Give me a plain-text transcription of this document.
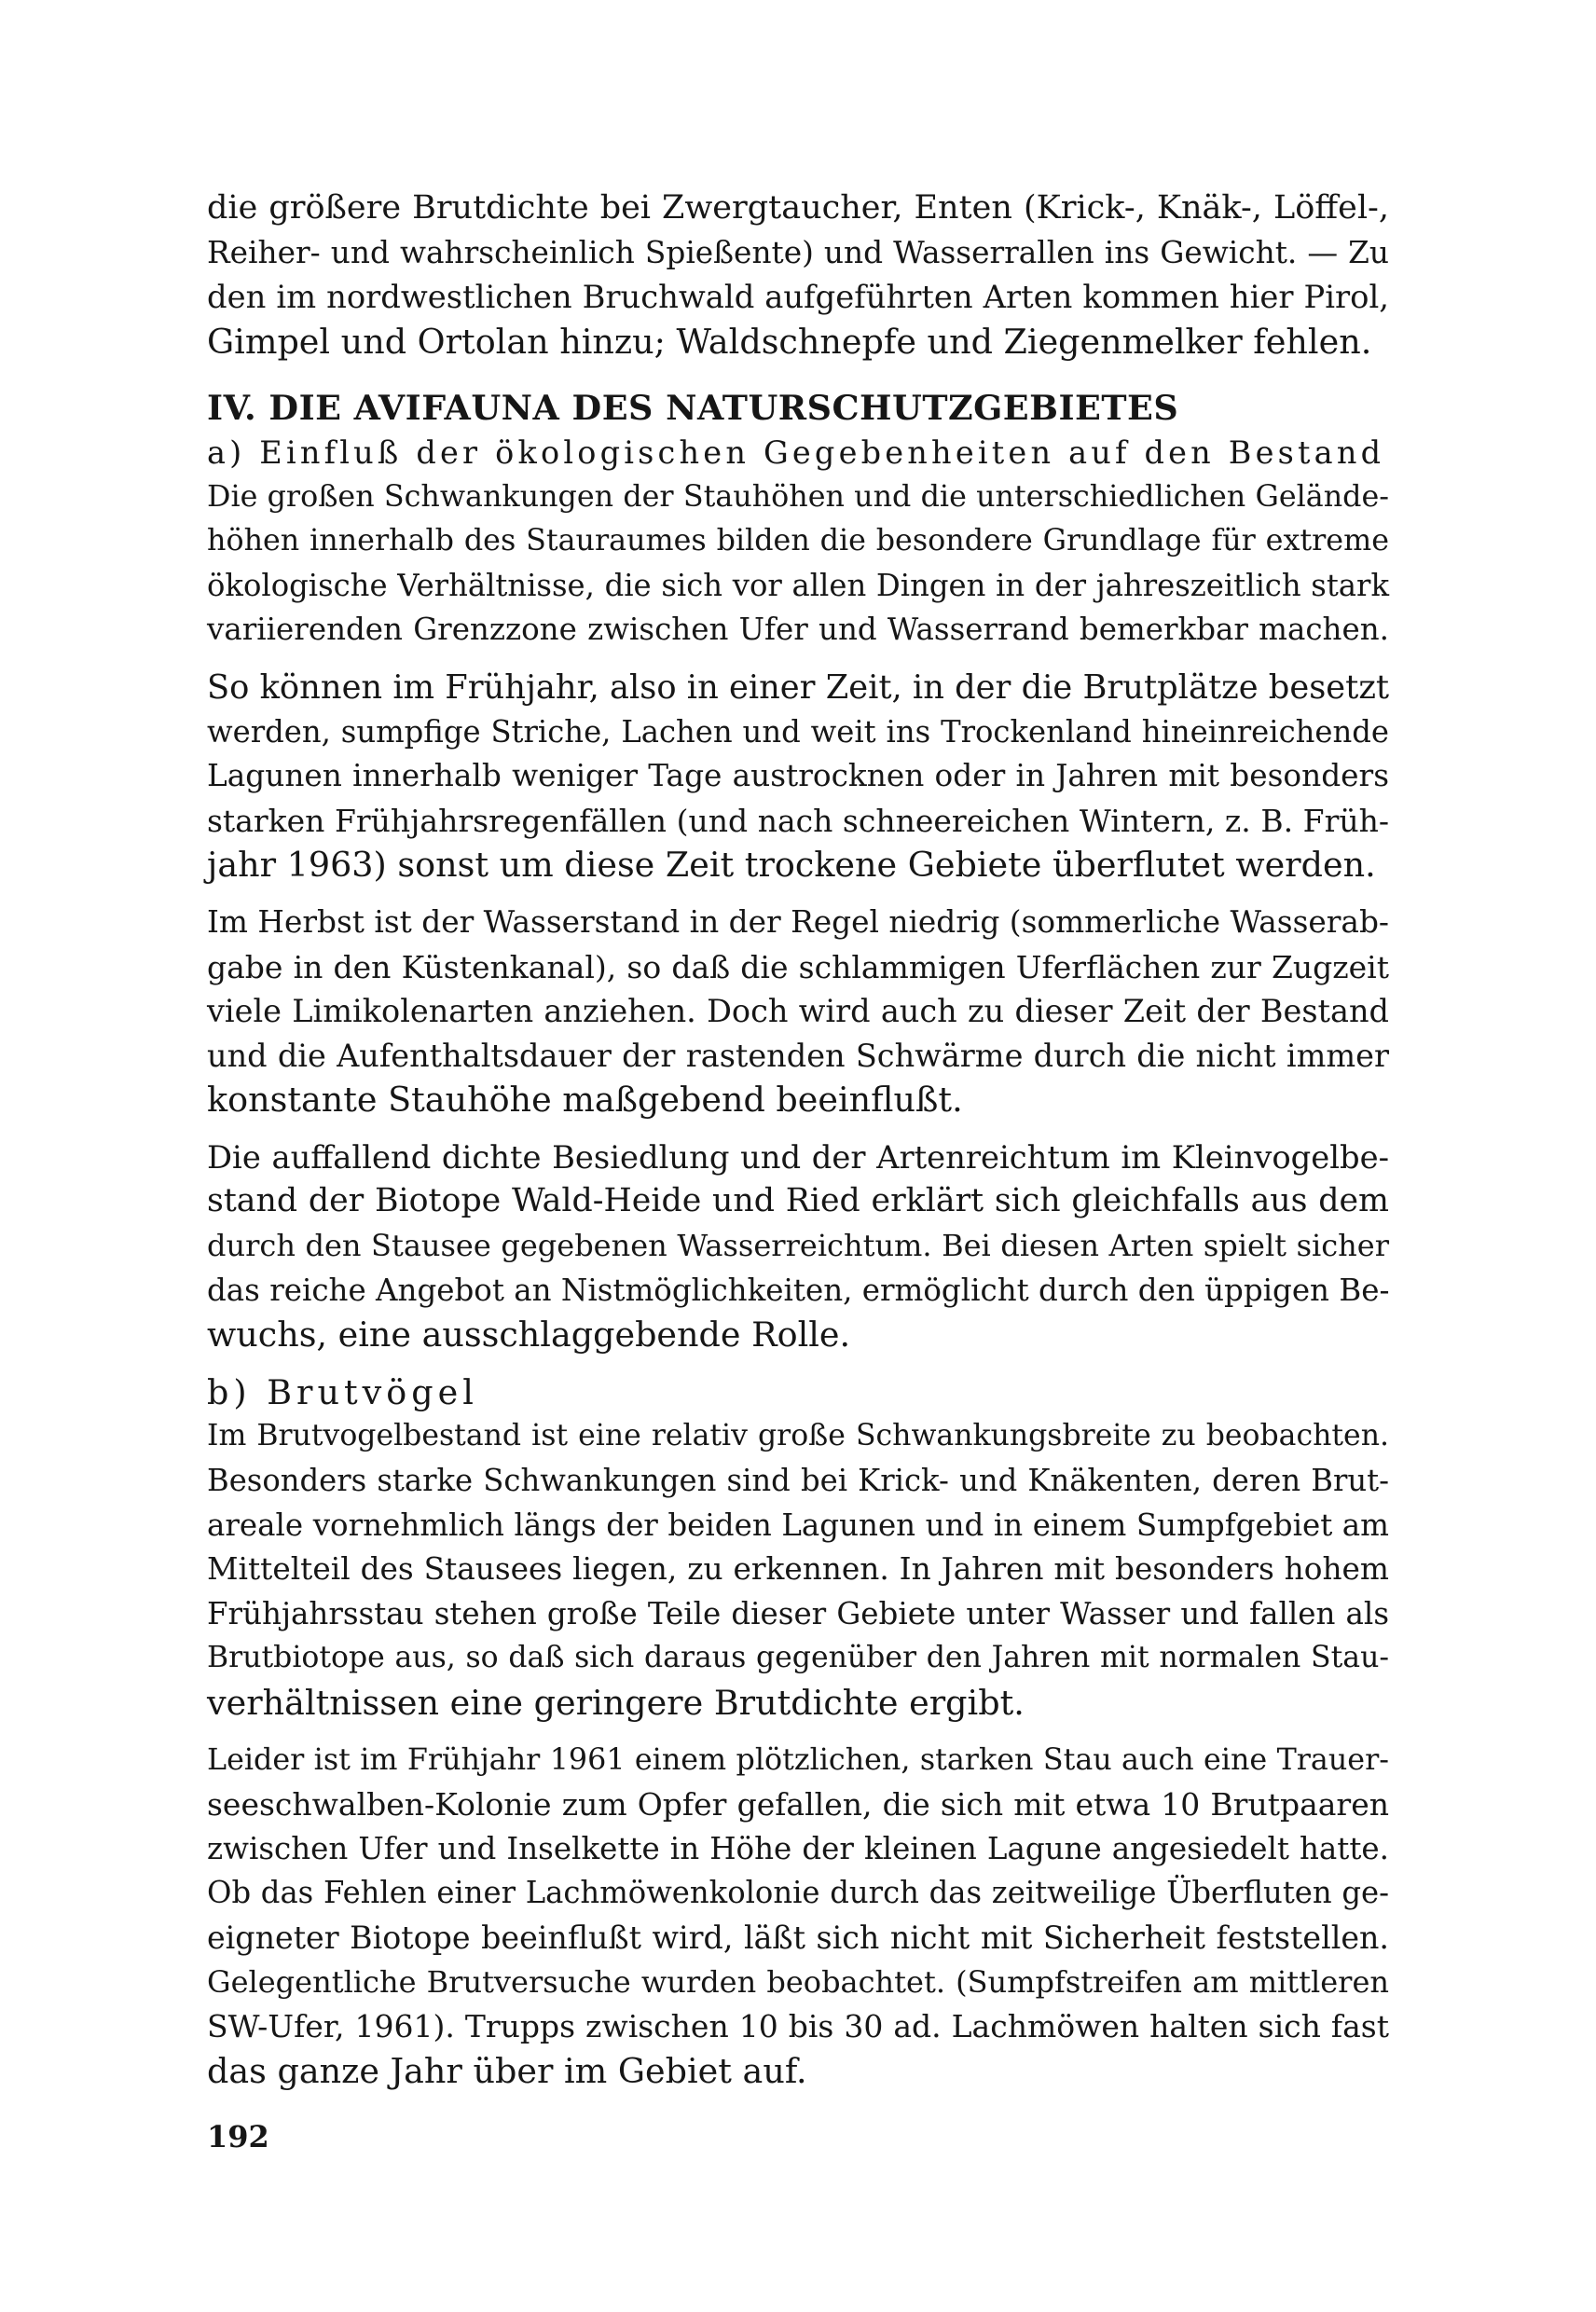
die größere Brutdichte bei Zwergtaucher, Enten (Krick-, Knäk-, Löffel-,
Reiher- und wahrscheinlich Spießente) und Wasserrallen ins Gewicht. — Zu
den im nordwestlichen Bruchwald aufgeführten Arten kommen hier Pirol,
Gimpel und Ortolan hinzu; Waldschnepfe und Ziegenmelker fehlen.

IV. DIE AVIFAUNA DES NATURSCHUTZGEBIETES

a) Einfluß der ökologischen Gegebenheiten auf den Bestand

Die großen Schwankungen der Stauhöhen und die unterschiedlichen Gelände-
höhen innerhalb des Stauraumes bilden die besondere Grundlage für extreme
ökologische Verhältnisse, die sich vor allen Dingen in der jahreszeitlich stark
variierenden Grenzzone zwischen Ufer und Wasserrand bemerkbar machen.

So können im Frühjahr, also in einer Zeit, in der die Brutplätze besetzt
werden, sumpfige Striche, Lachen und weit ins Trockenland hineinreichende
Lagunen innerhalb weniger Tage austrocknen oder in Jahren mit besonders
starken Frühjahrsregenfällen (und nach schneereichen Wintern, z. B. Früh-
jahr 1963) sonst um diese Zeit trockene Gebiete überflutet werden.

Im Herbst ist der Wasserstand in der Regel niedrig (sommerliche Wasserab-
gabe in den Küstenkanal), so daß die schlammigen Uferflächen zur Zugzeit
viele Limikolenarten anziehen. Doch wird auch zu dieser Zeit der Bestand
und die Aufenthaltsdauer der rastenden Schwärme durch die nicht immer
konstante Stauhöhe maßgebend beeinflußt.

Die auffallend dichte Besiedlung und der Artenreichtum im Kleinvogelbe-
stand der Biotope Wald-Heide und Ried erklärt sich gleichfalls aus dem
durch den Stausee gegebenen Wasserreichtum. Bei diesen Arten spielt sicher
das reiche Angebot an Nistmöglichkeiten, ermöglicht durch den üppigen Be-
wuchs, eine ausschlaggebende Rolle.

b) Brutvögel

Im Brutvogelbestand ist eine relativ große Schwankungsbreite zu beobachten.
Besonders starke Schwankungen sind bei Krick- und Knäkenten, deren Brut-
areale vornehmlich längs der beiden Lagunen und in einem Sumpfgebiet am
Mittelteil des Stausees liegen, zu erkennen. In Jahren mit besonders hohem
Frühjahrsstau stehen große Teile dieser Gebiete unter Wasser und fallen als
Brutbiotope aus, so daß sich daraus gegenüber den Jahren mit normalen Stau-
verhältnissen eine geringere Brutdichte ergibt.

Leider ist im Frühjahr 1961 einem plötzlichen, starken Stau auch eine Trauer-
seeschwalben-Kolonie zum Opfer gefallen, die sich mit etwa 10 Brutpaaren
zwischen Ufer und Inselkette in Höhe der kleinen Lagune angesiedelt hatte.
Ob das Fehlen einer Lachmöwenkolonie durch das zeitweilige Überfluten ge-
eigneter Biotope beeinflußt wird, läßt sich nicht mit Sicherheit feststellen.
Gelegentliche Brutversuche wurden beobachtet. (Sumpfstreifen am mittleren
SW-Ufer, 1961). Trupps zwischen 10 bis 30 ad. Lachmöwen halten sich fast
das ganze Jahr über im Gebiet auf.

192
